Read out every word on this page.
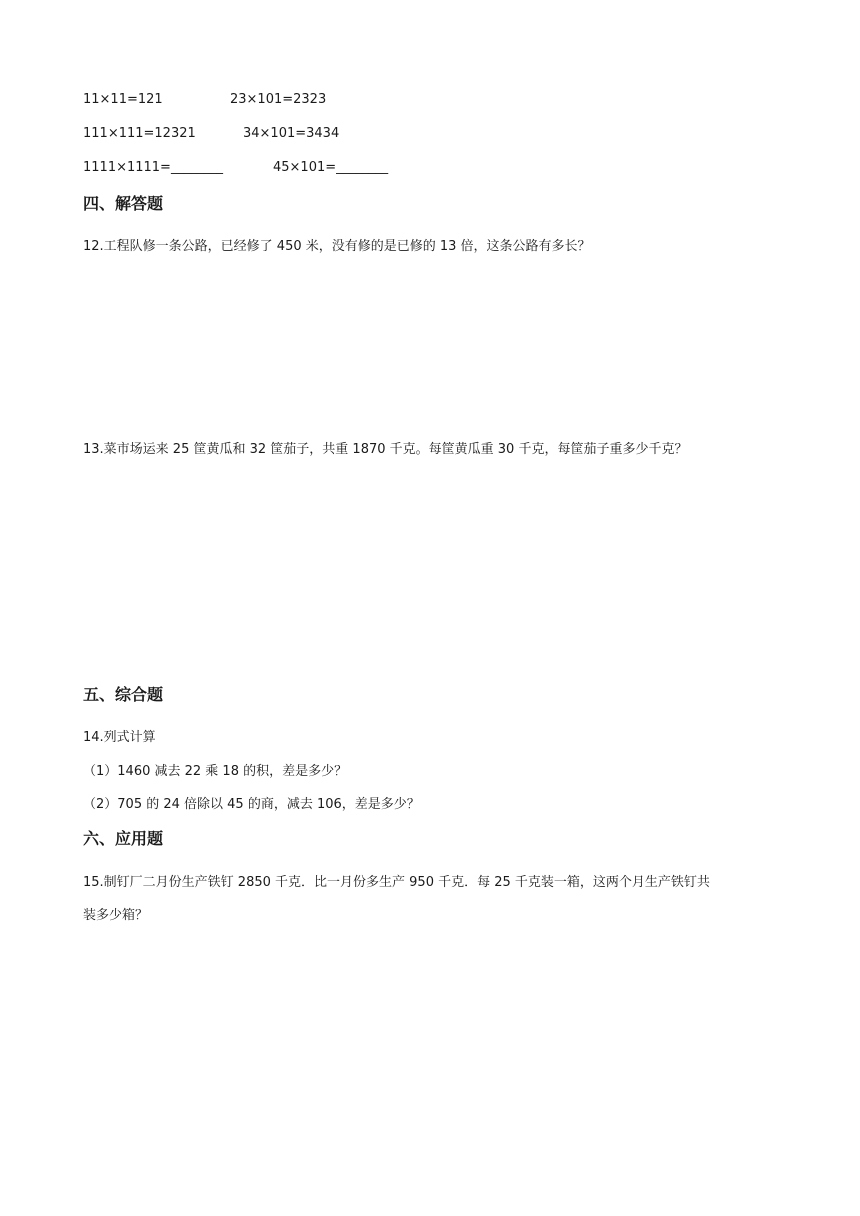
11×11=121	23×101=2323
111×111=12321	34×101=3434
1111×1111=________	45×101=________
四、解答题
12.工程队修一条公路，已经修了 450 米，没有修的是已修的 13 倍，这条公路有多长？
13.菜市场运来 25 筐黄瓜和 32 筐茄子，共重 1870 千克。每筐黄瓜重 30 千克，每筐茄子重多少千克？
五、综合题
14.列式计算
（1）1460 减去 22 乘 18 的积，差是多少？
（2）705 的 24 倍除以 45 的商，减去 106，差是多少？
六、应用题
15.制钉厂二月份生产铁钉 2850 千克．比一月份多生产 950 千克．每 25 千克装一箱，这两个月生产铁钉共
装多少箱？
